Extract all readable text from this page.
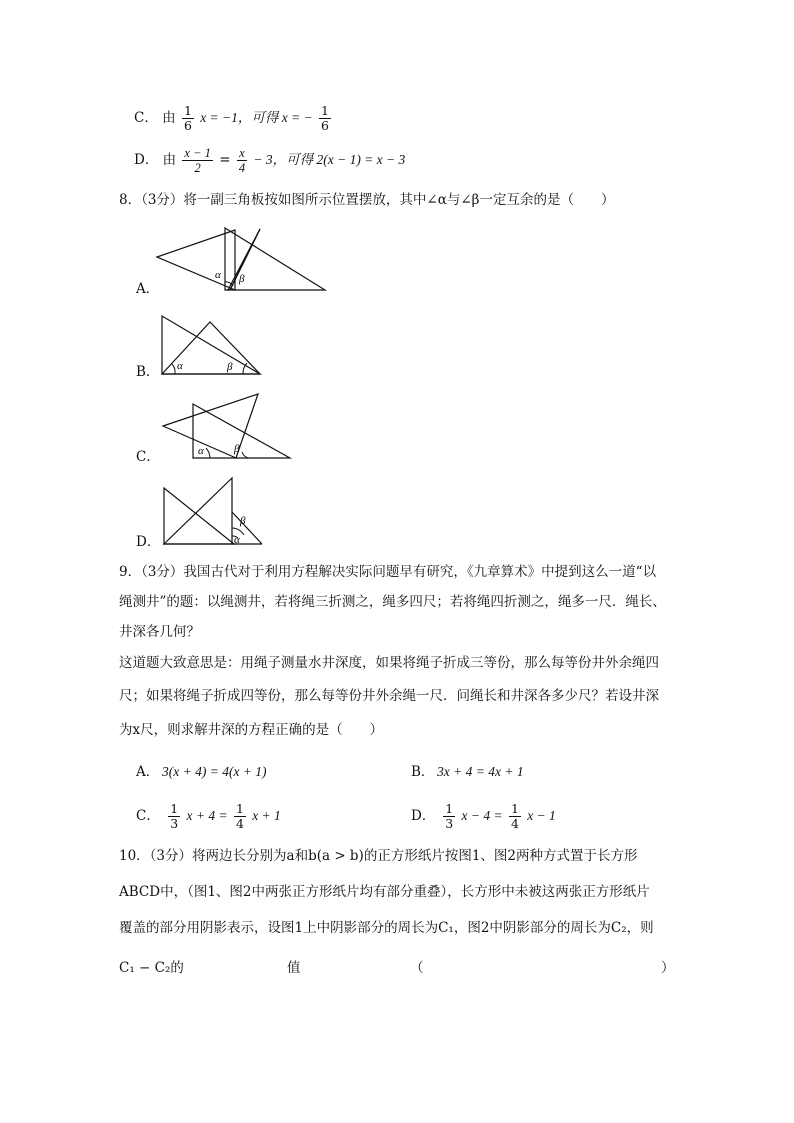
C． 由 $\frac{1}{6}$ x = −1，可得 x = − $\frac{1}{6}$
D． 由 $\frac{x - 1}{2} = \frac{x}{4} - 3$，可得 2(x − 1) = x − 3
8．（3分）将一副三角板按如图所示位置摆放，其中∠α与∠β一定互余的是（　　）
A．
α β
B． α	β
C．	α	β
D．
β
α
9．（3分）我国古代对于利用方程解决实际问题早有研究，《九章算术》中提到这么一道“以
绳测井”的题：以绳测井，若将绳三折测之，绳多四尺；若将绳四折测之，绳多一尺．绳长、
井深各几何？
这道题大致意思是：用绳子测量水井深度，如果将绳子折成三等份，那么每等份井外余绳四
尺；如果将绳子折成四等份，那么每等份井外余绳一尺．问绳长和井深各多少尺？若设井深
为x尺，则求解井深的方程正确的是（　　）
A． 3(x + 4) = 4(x + 1)	B． 3x + 4 = 4x + 1
C． $\frac{1}{3}$ $x + 4 = \frac{1}{4}$ x + 1	D． $\frac{1}{3}$ $x - 4 = \frac{1}{4}$ x − 1
10．（3分）将两边长分别为a和b(a > b)的正方形纸片按图1、图2两种方式置于长方形
ABCD中，（图1、图2中两张正方形纸片均有部分重叠），长方形中未被这两张正方形纸片
覆盖的部分用阴影表示，设图1上中阴影部分的周长为C₁，图2中阴影部分的周长为C₂，则
C₁ − C₂的	值	（	）
